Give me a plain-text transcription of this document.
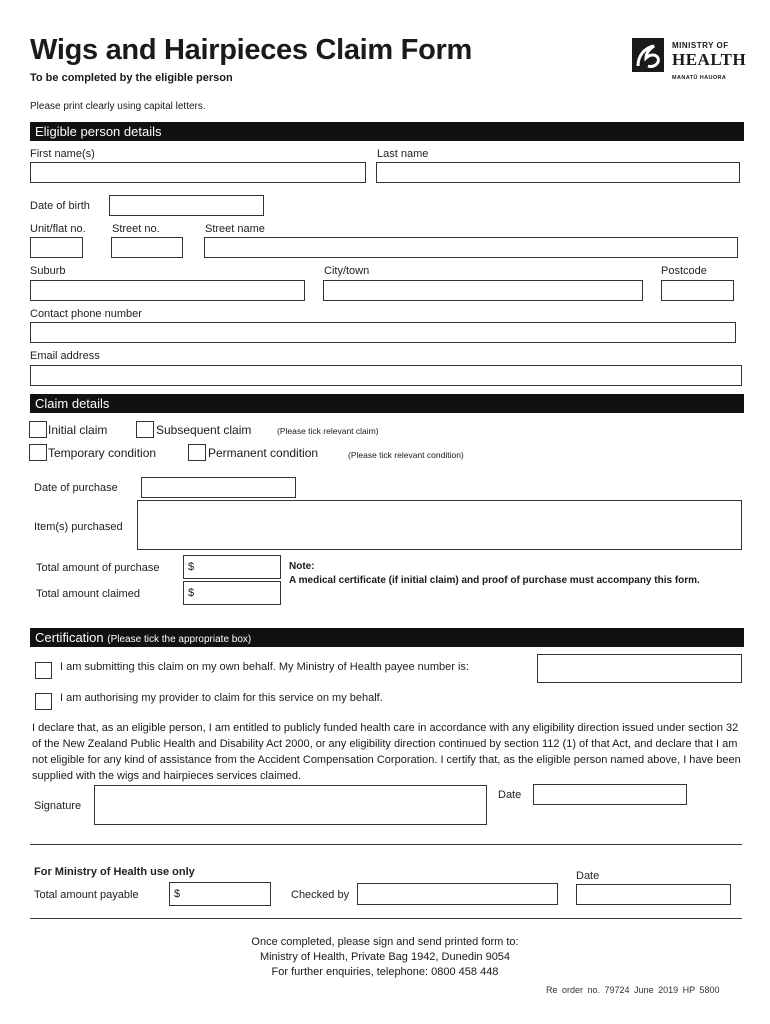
Wigs and Hairpieces Claim Form
To be completed by the eligible person
Please print clearly using capital letters.
MINISTRY OF
HEALTH
MANATŪ HAUORA
Eligible person details
First name(s)	Last name
Date of birth
Unit/flat no. Street no.	Street name
Suburb	City/town	Postcode
Contact phone number
Email address
Claim details
Initial claim	Subsequent claim	(Please tick relevant claim)
Temporary condition	Permanent condition	(Please tick relevant condition)
Date of purchase
Item(s) purchased
Total amount of purchase	$
Total amount claimed	$
Note:
A medical certificate (if initial claim) and proof of purchase must accompany this form.
Certification (Please tick the appropriate box)
I am submitting this claim on my own behalf. My Ministry of Health payee number is:
I am authorising my provider to claim for this service on my behalf.
I declare that, as an eligible person, I am entitled to publicly funded health care in accordance with any eligibility direction issued under section 32 of the New Zealand Public Health and Disability Act 2000, or any eligibility direction continued by section 112 (1) of that Act, and declare that I am not eligible for any kind of assistance from the Accident Compensation Corporation. I certify that, as the eligible person named above, I have been supplied with the wigs and hairpieces services claimed.
Signature
Date
For Ministry of Health use only	Date
Total amount payable	$	Checked by
Once completed, please sign and send printed form to:
Ministry of Health, Private Bag 1942, Dunedin 9054
For further enquiries, telephone: 0800 458 448
Re order no. 79724 June 2019 HP 5800
